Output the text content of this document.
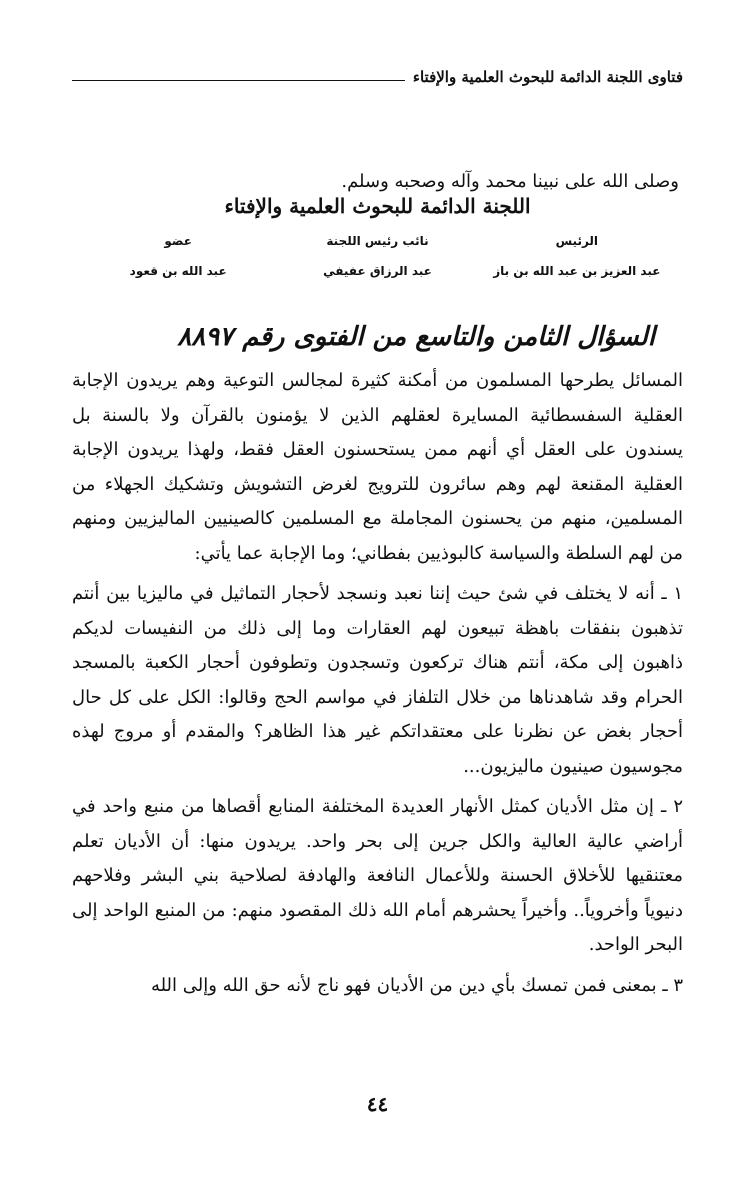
فتاوى اللجنة الدائمة للبحوث العلمية والإفتاء
وصلى الله على نبينا محمد وآله وصحبه وسلم.
اللجنة الدائمة للبحوث العلمية والإفتاء
الرئيس
نائب رئيس اللجنة
عضو
عبد العزيز بن عبد الله بن باز
عبد الرزاق عفيفي
عبد الله بن قعود
السؤال الثامن والتاسع من الفتوى رقم ٨٨٩٧

المسائل يطرحها المسلمون من أمكنة كثيرة لمجالس التوعية وهم يريدون الإجابة العقلية السفسطائية المسايرة لعقلهم الذين لا يؤمنون بالقرآن ولا بالسنة بل يسندون على العقل أي أنهم ممن يستحسنون العقل فقط، ولهذا يريدون الإجابة العقلية المقنعة لهم وهم سائرون للترويج لغرض التشويش وتشكيك الجهلاء من المسلمين، منهم من يحسنون المجاملة مع المسلمين كالصينيين الماليزيين ومنهم من لهم السلطة والسياسة كالبوذيين بفطاني؛ وما الإجابة عما يأتي:

١ ـ أنه لا يختلف في شئ حيث إننا نعبد ونسجد لأحجار التماثيل في ماليزيا بين أنتم تذهبون بنفقات باهظة تبيعون لهم العقارات وما إلى ذلك من النفيسات لديكم ذاهبون إلى مكة، أنتم هناك تركعون وتسجدون وتطوفون أحجار الكعبة بالمسجد الحرام وقد شاهدناها من خلال التلفاز في مواسم الحج وقالوا: الكل على كل حال أحجار بغض عن نظرنا على معتقداتكم غير هذا الظاهر؟ والمقدم أو مروج لهذه مجوسيون صينيون ماليزيون...

٢ ـ إن مثل الأديان كمثل الأنهار العديدة المختلفة المنابع أقصاها من منبع واحد في أراضي عالية العالية والكل جرين إلى بحر واحد. يريدون منها: أن الأديان تعلم معتنقيها للأخلاق الحسنة وللأعمال النافعة والهادفة لصلاحية بني البشر وفلاحهم دنيوياً وأخروياً.. وأخيراً يحشرهم أمام الله ذلك المقصود منهم: من المنبع الواحد إلى البحر الواحد.

٣ ـ بمعنى فمن تمسك بأي دين من الأديان فهو ناج لأنه حق الله وإلى الله

٤٤
